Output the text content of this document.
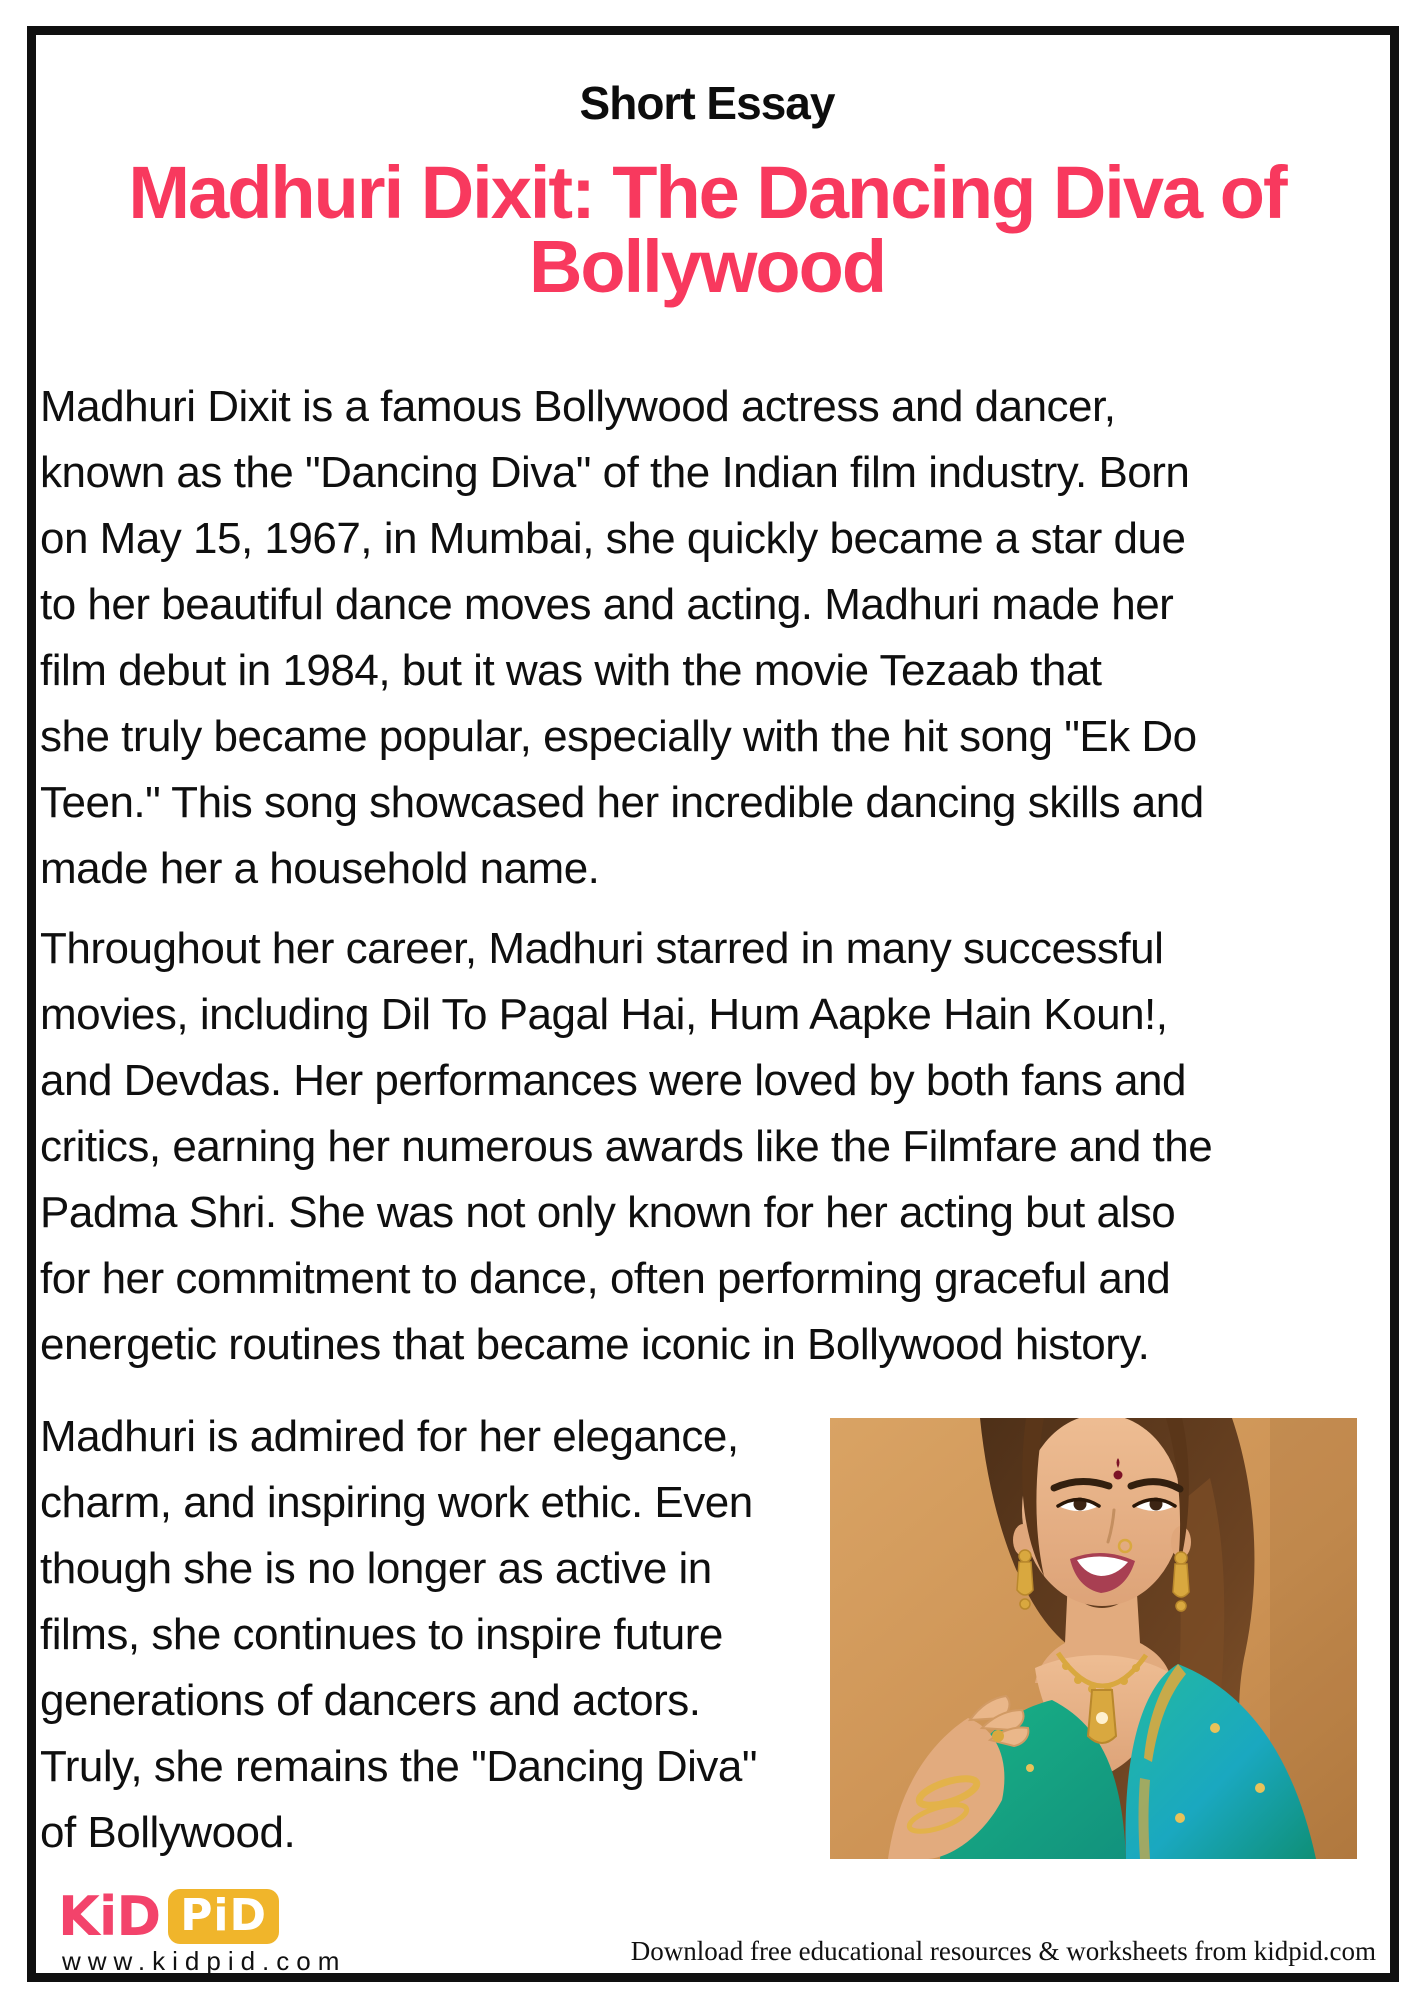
Short Essay
Madhuri Dixit: The Dancing Diva of
Bollywood
Madhuri Dixit is a famous Bollywood actress and dancer,
known as the "Dancing Diva" of the Indian film industry. Born
on May 15, 1967, in Mumbai, she quickly became a star due
to her beautiful dance moves and acting. Madhuri made her
film debut in 1984, but it was with the movie Tezaab that
she truly became popular, especially with the hit song "Ek Do
Teen." This song showcased her incredible dancing skills and
made her a household name.
Throughout her career, Madhuri starred in many successful
movies, including Dil To Pagal Hai, Hum Aapke Hain Koun!,
and Devdas. Her performances were loved by both fans and
critics, earning her numerous awards like the Filmfare and the
Padma Shri. She was not only known for her acting but also
for her commitment to dance, often performing graceful and
energetic routines that became iconic in Bollywood history.
Madhuri is admired for her elegance,
charm, and inspiring work ethic. Even
though she is no longer as active in
films, she continues to inspire future
generations of dancers and actors.
Truly, she remains the "Dancing Diva"
of Bollywood.
KiD PiD
www.kidpid.com	Download free educational resources & worksheets from kidpid.com
